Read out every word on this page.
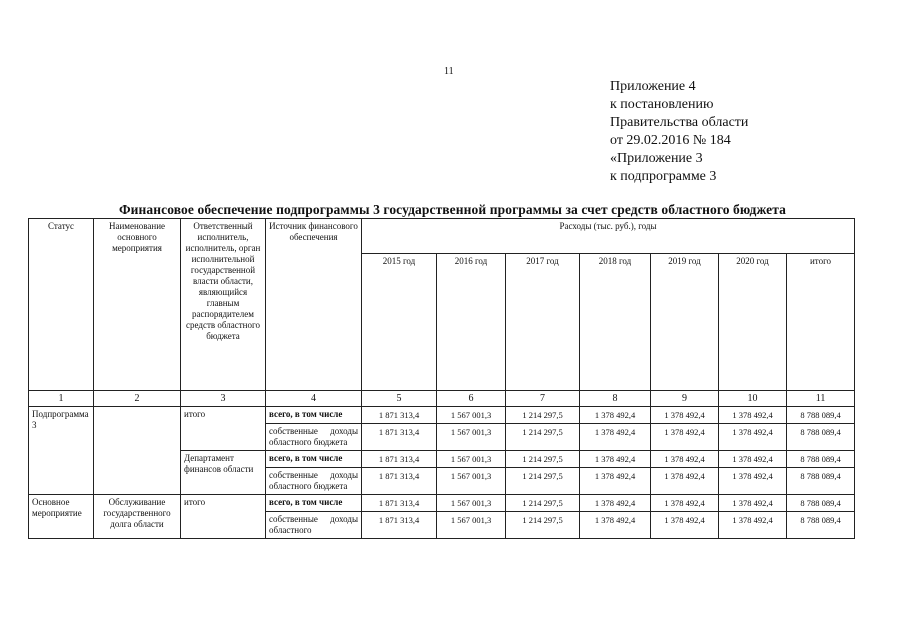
11
Приложение 4
к постановлению
Правительства области
от 29.02.2016 № 184
«Приложение 3
к подпрограмме 3
Финансовое обеспечение подпрограммы 3 государственной программы за счет средств областного бюджета
Статус	Наименование основного мероприятия	Ответственный исполнитель, исполнитель, орган исполнительной государственной власти области, являющийся главным распорядителем средств областного бюджета	Источник финансового обеспечения	Расходы (тыс. руб.), годы						
				2015 год	2016 год	2017 год	2018 год	2019 год	2020 год	итого
1	2	3	4	5	6	7	8	9	10	11
Подпрограмма 3		итого	всего, в том числе	1 871 313,4	1 567 001,3	1 214 297,5	1 378 492,4	1 378 492,4	1 378 492,4	8 788 089,4
			собственные доходы областного бюджета	1 871 313,4	1 567 001,3	1 214 297,5	1 378 492,4	1 378 492,4	1 378 492,4	8 788 089,4
		Департамент финансов области	всего, в том числе	1 871 313,4	1 567 001,3	1 214 297,5	1 378 492,4	1 378 492,4	1 378 492,4	8 788 089,4
			собственные доходы областного бюджета	1 871 313,4	1 567 001,3	1 214 297,5	1 378 492,4	1 378 492,4	1 378 492,4	8 788 089,4
Основное мероприятие	Обслуживание государственного долга области	итого	всего, в том числе	1 871 313,4	1 567 001,3	1 214 297,5	1 378 492,4	1 378 492,4	1 378 492,4	8 788 089,4
			собственные доходы областного	1 871 313,4	1 567 001,3	1 214 297,5	1 378 492,4	1 378 492,4	1 378 492,4	8 788 089,4
